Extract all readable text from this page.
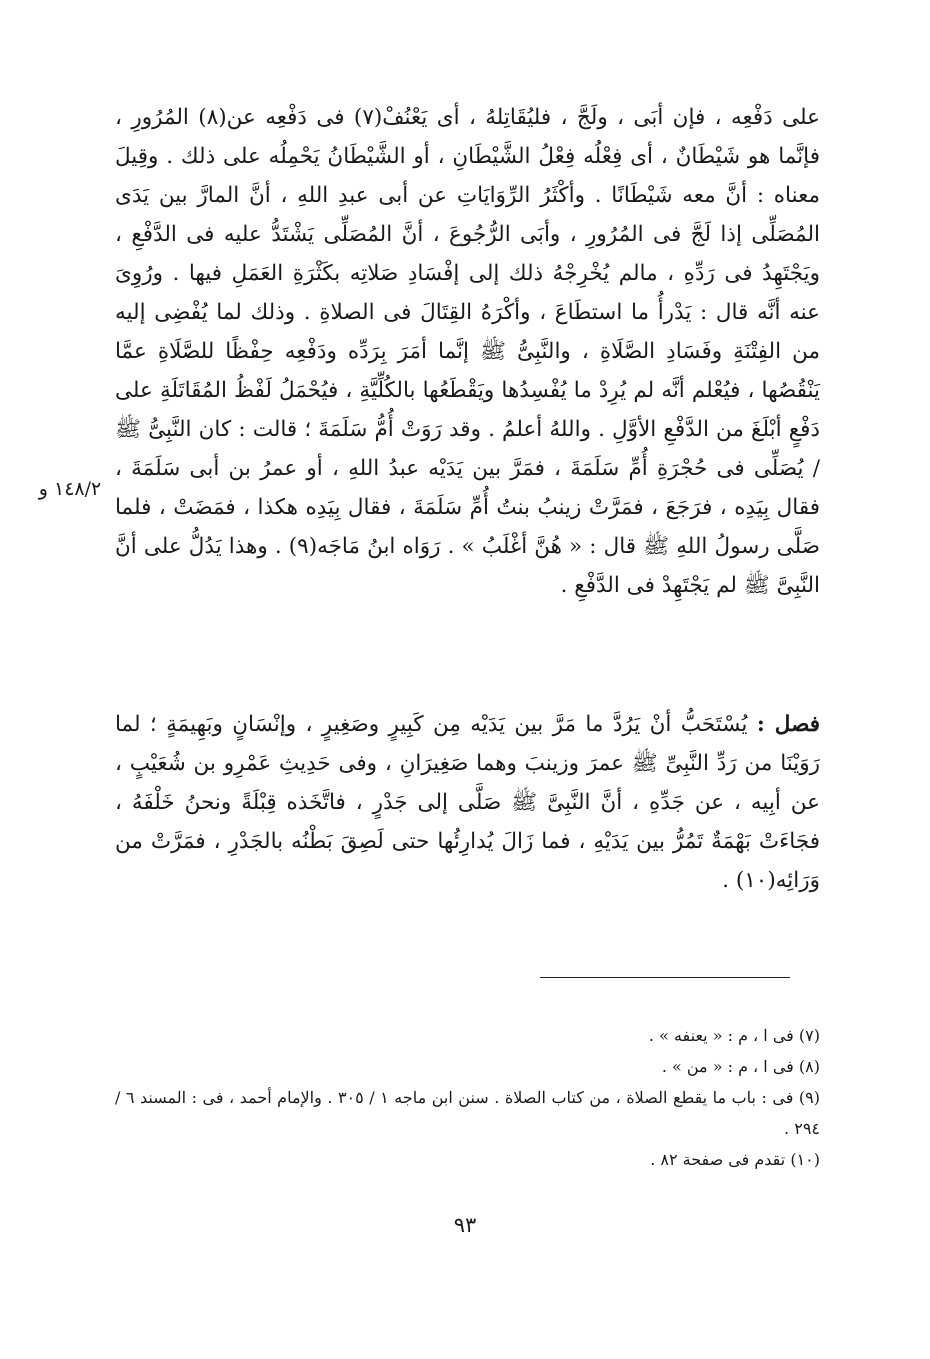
١٤٨/٢ و

على دَفْعِه ، فإن أبَى ، ولَجَّ ، فليُقَاتِلهُ ، أى يَعْنُفْ(٧) فى دَفْعِه عن(٨) المُرُورِ ، فإنَّما هو شَيْطَانٌ ، أى فِعْلُه فِعْلُ الشَّيْطَانِ ، أو الشَّيْطَانُ يَحْمِلُه على ذلك . وقِيلَ معناه : أنَّ معه شَيْطَانًا . وأكْثَرُ الرِّوَايَاتِ عن أبى عبدِ اللهِ ، أنَّ المارَّ بين يَدَى المُصَلِّى إذا لَجَّ فى المُرُورِ ، وأبَى الرُّجُوعَ ، أنَّ المُصَلِّى يَشْتَدُّ عليه فى الدَّفْعِ ، ويَجْتَهِدُ فى رَدِّهِ ، مالم يُخْرِجْهُ ذلك إلى إفْسَادِ صَلاتِه بكَثْرَةِ العَمَلِ فيها . ورُوِىَ عنه أنَّه قال : يَدْرأُ ما استطَاعَ ، وأكْرَهُ القِتَالَ فى الصلاةِ . وذلك لما يُفْضِى إليه من الفِتْنَةِ وفَسَادِ الصَّلَاةِ ، والنَّبِىُّ ﷺ إنَّما أمَرَ بِرَدِّه ودَفْعِه حِفْظًا للصَّلَاةِ عمَّا يَنْقُصُها ، فيُعْلم أنَّه لم يُرِدْ ما يُفْسِدُها ويَقْطَعُها بالكُلِّيَّةِ ، فيُحْمَلُ لَفْظُ المُقَاتَلَةِ على دَفْعٍ أبْلَغَ من الدَّفْعِ الأوَّلِ . واللهُ أعلمُ . وقد رَوَتْ أُمُّ سَلَمَةَ ؛ قالت : كان النَّبِىُّ ﷺ / يُصَلِّى فى حُجْرَةِ أُمِّ سَلَمَةَ ، فمَرَّ بين يَدَيْه عبدُ اللهِ ، أو عمرُ بن أبى سَلَمَةَ ، فقال بِيَدِه ، فرَجَعَ ، فمَرَّتْ زينبُ بنتُ أُمِّ سَلَمَةَ ، فقال بِيَدِه هكذا ، فمَضَتْ ، فلما صَلَّى رسولُ اللهِ ﷺ قال : « هُنَّ أغْلَبُ » . رَوَاه ابنُ مَاجَه(٩) . وهذا يَدُلُّ على أنَّ النَّبِىَّ ﷺ لم يَجْتَهِدْ فى الدَّفْعِ .

فصل : يُسْتَحَبُّ أنْ يَرُدَّ ما مَرَّ بين يَدَيْه مِن كَبِيرٍ وصَغِيرٍ ، وإنْسَانٍ وبَهِيمَةٍ ؛ لما رَوَيْنَا من رَدِّ النَّبِىِّ ﷺ عمرَ وزينبَ وهما صَغِيرَانِ ، وفى حَدِيثِ عَمْرِو بن شُعَيْبٍ ، عن أبِيه ، عن جَدِّهِ ، أنَّ النَّبِىَّ ﷺ صَلَّى إلى جَدْرٍ ، فاتَّخَذه قِبْلَةً ونحنُ خَلْفَهُ ، فجَاءَتْ بَهْمَةٌ تَمُرُّ بين يَدَيْهِ ، فما زَالَ يُدارِئُها حتى لَصِقَ بَطْنُه بالجَدْرِ ، فمَرَّتْ من وَرَائِه(١٠) .

(٧) فى ا ، م : « يعنفه » .
(٨) فى ا ، م : « من » .
(٩) فى : باب ما يقطع الصلاة ، من كتاب الصلاة . سنن ابن ماجه ١ / ٣٠٥ . والإمام أحمد ، فى : المسند ٦ / ٢٩٤ .
(١٠) تقدم فى صفحة ٨٢ .
٩٣
